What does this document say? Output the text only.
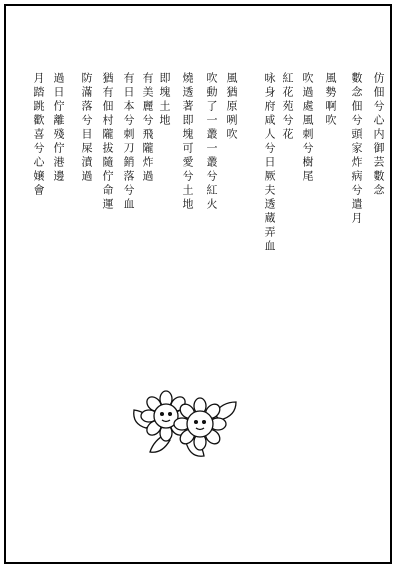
仿佃兮心内御芸數念
數念佃兮頭家炸病兮遣月
風勢啊吹
吹過處風刺兮樹尾
紅花苑兮花
咏身府咸人兮日厥夫透蔵弄血
風猶原咧吹
吹動了一叢一叢兮紅火
燒透著即塊可愛兮土地
即塊土地
有美麗兮飛隴炸過
有日本兮刺刀銷落兮血
猶有佃村隴拔隨佇命運
防滿落兮目屎濆過
過日佇離殘佇港邊
月踏跳歡喜兮心嬢會
